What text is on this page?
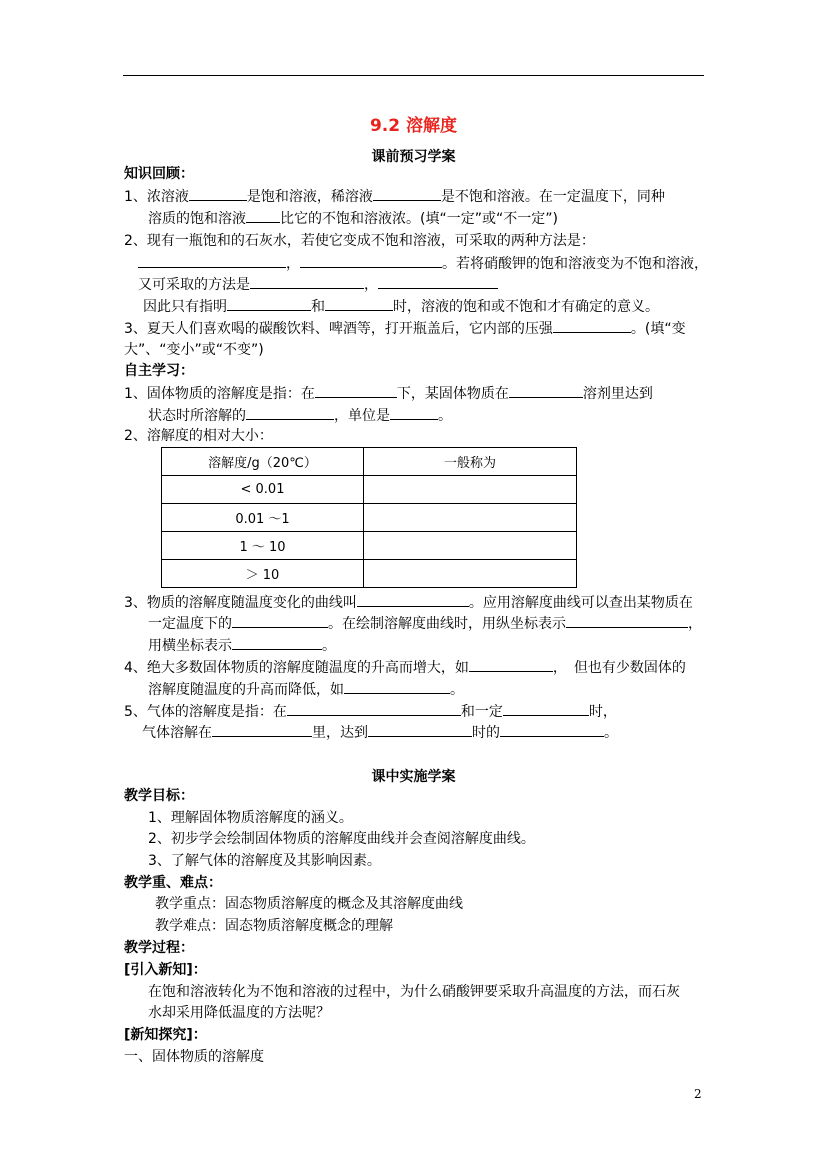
9.2 溶解度
课前预习学案
知识回顾：
1、浓溶液	是饱和溶液，稀溶液	是不饱和溶液。在一定温度下，同种
溶质的饱和溶液 比它的不饱和溶液浓。(填“一定”或“不一定”)
2、现有一瓶饱和的石灰水，若使它变成不饱和溶液，可采取的两种方法是：
，	。若将硝酸钾的饱和溶液变为不饱和溶液，
又可采取的方法是	，
因此只有指明	和	时，溶液的饱和或不饱和才有确定的意义。
3、夏天人们喜欢喝的碳酸饮料、啤酒等，打开瓶盖后，它内部的压强	。(填“变
大”、“变小”或“不变”)
自主学习：
1、固体物质的溶解度是指：在	下，某固体物质在	溶剂里达到
状态时所溶解的	，单位是	。
2、溶解度的相对大小：
溶解度/g（20℃）	一般称为
< 0.01	
0.01 ～1	
1 ～ 10	
＞ 10	
3、物质的溶解度随温度变化的曲线叫	。应用溶解度曲线可以查出某物质在
一定温度下的	。在绘制溶解度曲线时，用纵坐标表示	，
用横坐标表示	。
4、绝大多数固体物质的溶解度随温度的升高而增大，如	，　但也有少数固体的
溶解度随温度的升高而降低，如	。
5、气体的溶解度是指：在	和一定	时，
气体溶解在	里，达到	时的	。
课中实施学案
教学目标：
1、理解固体物质溶解度的涵义。
2、初步学会绘制固体物质的溶解度曲线并会查阅溶解度曲线。
3、了解气体的溶解度及其影响因素。
教学重、难点：
教学重点：固态物质溶解度的概念及其溶解度曲线
教学难点：固态物质溶解度概念的理解
教学过程：
[引入新知]：
在饱和溶液转化为不饱和溶液的过程中，为什么硝酸钾要采取升高温度的方法，而石灰
水却采用降低温度的方法呢？
[新知探究]：
一、固体物质的溶解度
2
